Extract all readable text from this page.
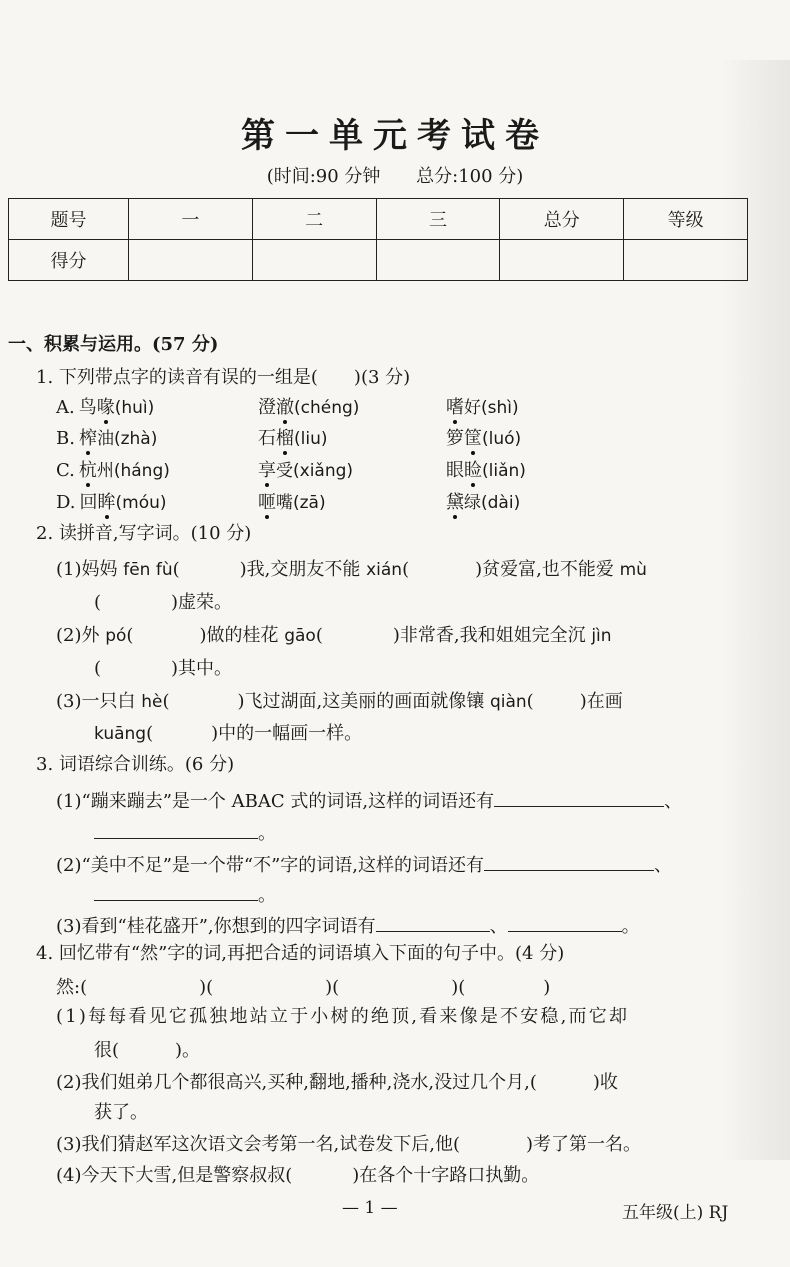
第一单元考试卷
(时间:90 分钟 总分:100 分)
题号	一	二	三	总分	等级
得分					
一、积累与运用。(57 分)
1. 下列带点字的读音有误的一组是(　　)(3 分)
A. 鸟喙(huì)	澄澈(chéng)	嗜好(shì)
B. 榨油(zhà)	石榴(liu)	箩筐(luó)
C. 杭州(háng)	享受(xiǎng)	眼睑(liǎn)
D. 回眸(móu)	咂嘴(zā)	黛绿(dài)
2. 读拼音,写字词。(10 分)
(1)妈妈 fēn fù(	)我,交朋友不能 xián(	)贫爱富,也不能爱 mù
(	)虚荣。
(2)外 pó(	)做的桂花 gāo(	)非常香,我和姐姐完全沉 jìn
(	)其中。
(3)一只白 hè(	)飞过湖面,这美丽的画面就像镶 qiàn(	)在画
kuāng(	)中的一幅画一样。
3. 词语综合训练。(6 分)
(1)“蹦来蹦去”是一个 ABAC 式的词语,这样的词语还有	、
。
(2)“美中不足”是一个带“不”字的词语,这样的词语还有	、
。
(3)看到“桂花盛开”,你想到的四字词语有	、	。
4. 回忆带有“然”字的词,再把合适的词语填入下面的句子中。(4 分)
然:(	)(	)(	)(	)
(1)每每看见它孤独地站立于小树的绝顶,看来像是不安稳,而它却
很(	)。
(2)我们姐弟几个都很高兴,买种,翻地,播种,浇水,没过几个月,(	)收
获了。
(3)我们猜赵军这次语文会考第一名,试卷发下后,他(	)考了第一名。
(4)今天下大雪,但是警察叔叔(	)在各个十字路口执勤。
— 1 —	五年级(上) RJ
